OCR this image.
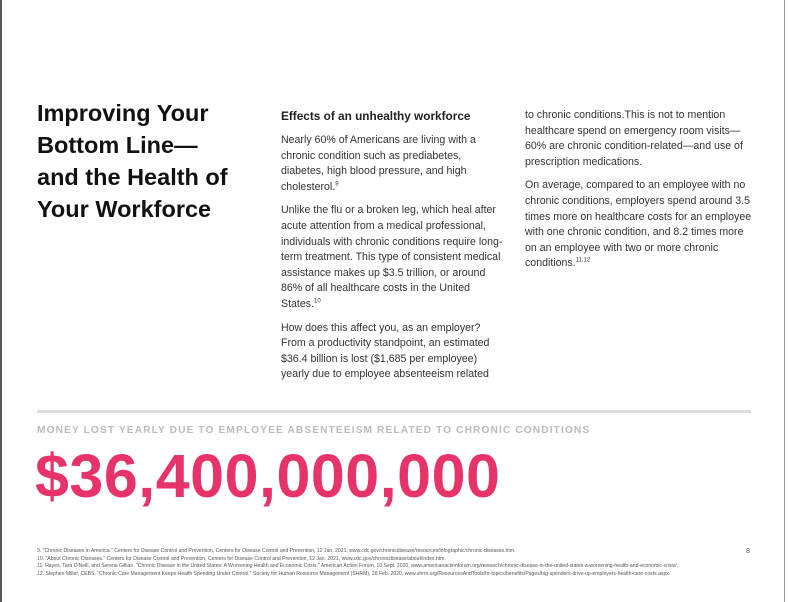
Improving Your
Bottom Line—
and the Health of
Your Workforce
Effects of an unhealthy workforce

Nearly 60% of Americans are living with a chronic condition such as prediabetes, diabetes, high blood pressure, and high cholesterol.$^9$

Unlike the flu or a broken leg, which heal after acute attention from a medical professional, individuals with chronic conditions require long-term treatment. This type of consistent medical assistance makes up $3.5 trillion, or around 86% of all healthcare costs in the United States.$^{10}$

How does this affect you, as an employer? From a productivity standpoint, an estimated $36.4 billion is lost ($1,685 per employee) yearly due to employee absenteeism related

to chronic conditions.This is not to mention healthcare spend on emergency room visits—60% are chronic condition-related—and use of prescription medications.

On average, compared to an employee with no chronic conditions, employers spend around 3.5 times more on healthcare costs for an employee with one chronic condition, and 8.2 times more on an employee with two or more chronic conditions.$^{11,12}$

MONEY LOST YEARLY DUE TO EMPLOYEE ABSENTEEISM RELATED TO CHRONIC CONDITIONS
$36,400,000,000
9. "Chronic Diseases in America." Centers for Disease Control and Prevention, Centers for Disease Control and Prevention, 12 Jan. 2021, www.cdc.gov/chronicdisease/resources/infographic/chronic-diseases.htm.
10. "About Chronic Diseases." Centers for Disease Control and Prevention, Centers for Disease Control and Prevention, 12 Jan. 2021, www.cdc.gov/chronicdisease/about/index.htm.
11. Hayes, Tara O'Neill, and Serena Gillian. "Chronic Disease in the United States: A Worsening Health and Economic Crisis." American Action Forum, 10 Sept. 2020, www.americanactionforum.org/research/chronic-disease-in-the-united-states-a-worsening-health-and-economic-crisis/.
12. Stephen Miller, CEBS. "Chronic Care Management Keeps Health Spending Under Control." Society for Human Resource Management (SHRM), 28 Feb. 2020, www.shrm.org/ResourcesAndTools/hr-topics/benefits/Pages/big-spenders-drive-up-employers-health-care-costs.aspx.
8
